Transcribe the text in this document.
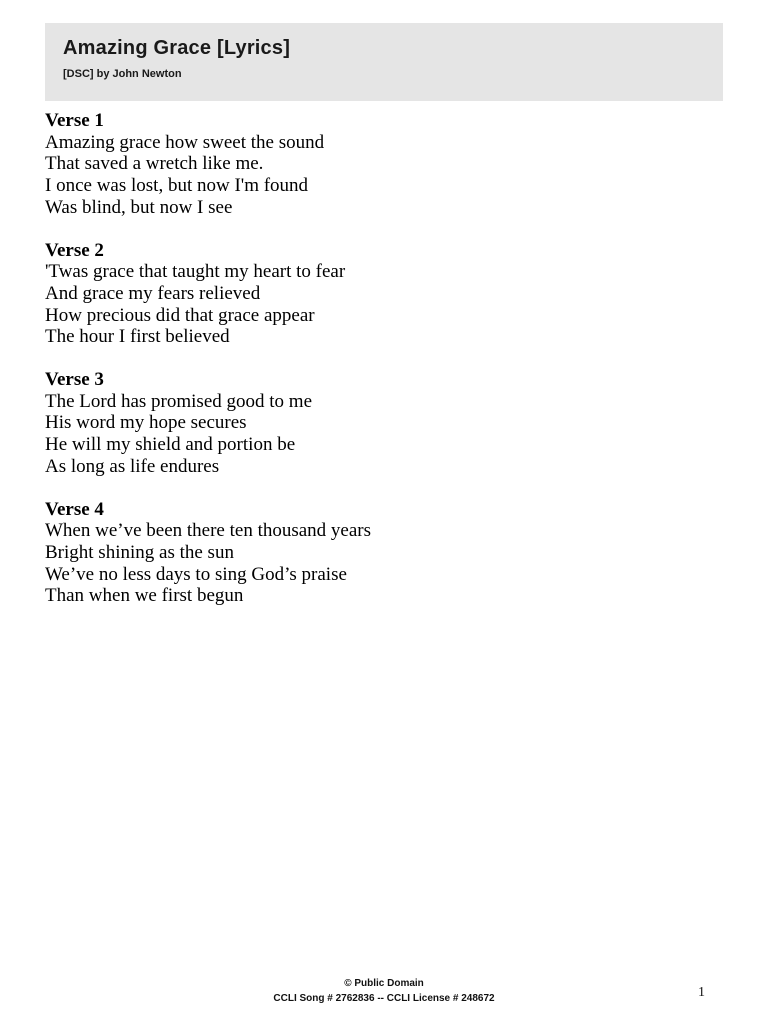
Amazing Grace [Lyrics]
[DSC] by John Newton
Verse 1
Amazing grace how sweet the sound
That saved a wretch like me.
I once was lost, but now I'm found
Was blind, but now I see
Verse 2
'Twas grace that taught my heart to fear
And grace my fears relieved
How precious did that grace appear
The hour I first believed
Verse 3
The Lord has promised good to me
His word my hope secures
He will my shield and portion be
As long as life endures
Verse 4
When we’ve been there ten thousand years
Bright shining as the sun
We’ve no less days to sing God’s praise
Than when we first begun
© Public Domain
CCLI Song # 2762836 -- CCLI License # 248672	1
